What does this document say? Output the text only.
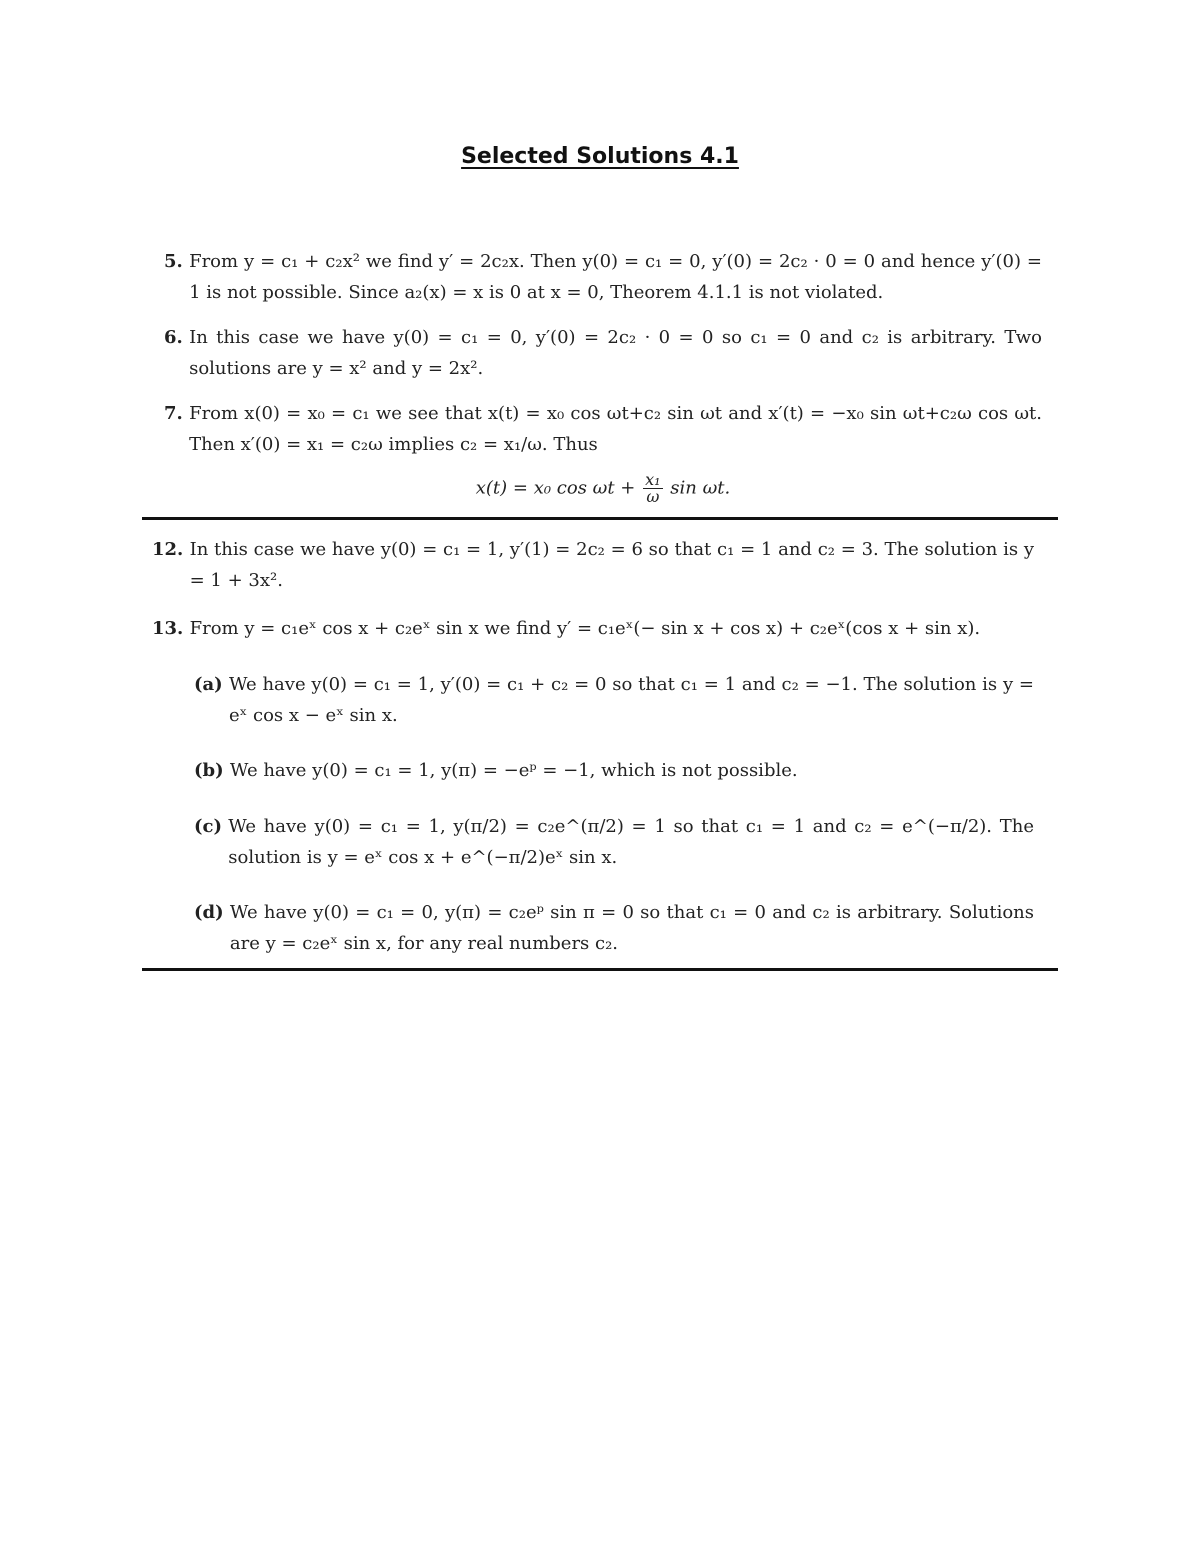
Selected Solutions 4.1
5.
From y = c₁ + c₂x² we find y′ = 2c₂x. Then y(0) = c₁ = 0, y′(0) = 2c₂ · 0 = 0 and hence y′(0) = 1 is not possible. Since a₂(x) = x is 0 at x = 0, Theorem 4.1.1 is not violated.
6.
In this case we have y(0) = c₁ = 0, y′(0) = 2c₂ · 0 = 0 so c₁ = 0 and c₂ is arbitrary. Two solutions are y = x² and y = 2x².
7.
From x(0) = x₀ = c₁ we see that x(t) = x₀ cos ωt+c₂ sin ωt and x′(t) = −x₀ sin ωt+c₂ω cos ωt. Then x′(0) = x₁ = c₂ω implies c₂ = x₁/ω. Thus
x(t) = x₀ $\cos \omega t + \frac{\text{x₁}}{\omega}$ sin ωt.
12.
In this case we have y(0) = c₁ = 1, y′(1) = 2c₂ = 6 so that c₁ = 1 and c₂ = 3. The solution is y = 1 + 3x².
13.
From y = c₁eˣ cos x + c₂eˣ sin x we find y′ = c₁eˣ(− sin x + cos x) + c₂eˣ(cos x + sin x).
(a)
We have y(0) = c₁ = 1, y′(0) = c₁ + c₂ = 0 so that c₁ = 1 and c₂ = −1. The solution is y = eˣ cos x − eˣ sin x.
(b)
We have y(0) = c₁ = 1, y(π) = −eᵖ = −1, which is not possible.
(c)
We have y(0) = c₁ = 1, y(π/2) = c₂e^(π/2) = 1 so that c₁ = 1 and c₂ = e^(−π/2). The solution is y = eˣ cos x + e^(−π/2)eˣ sin x.
(d)
We have y(0) = c₁ = 0, y(π) = c₂eᵖ sin π = 0 so that c₁ = 0 and c₂ is arbitrary. Solutions are y = c₂eˣ sin x, for any real numbers c₂.
